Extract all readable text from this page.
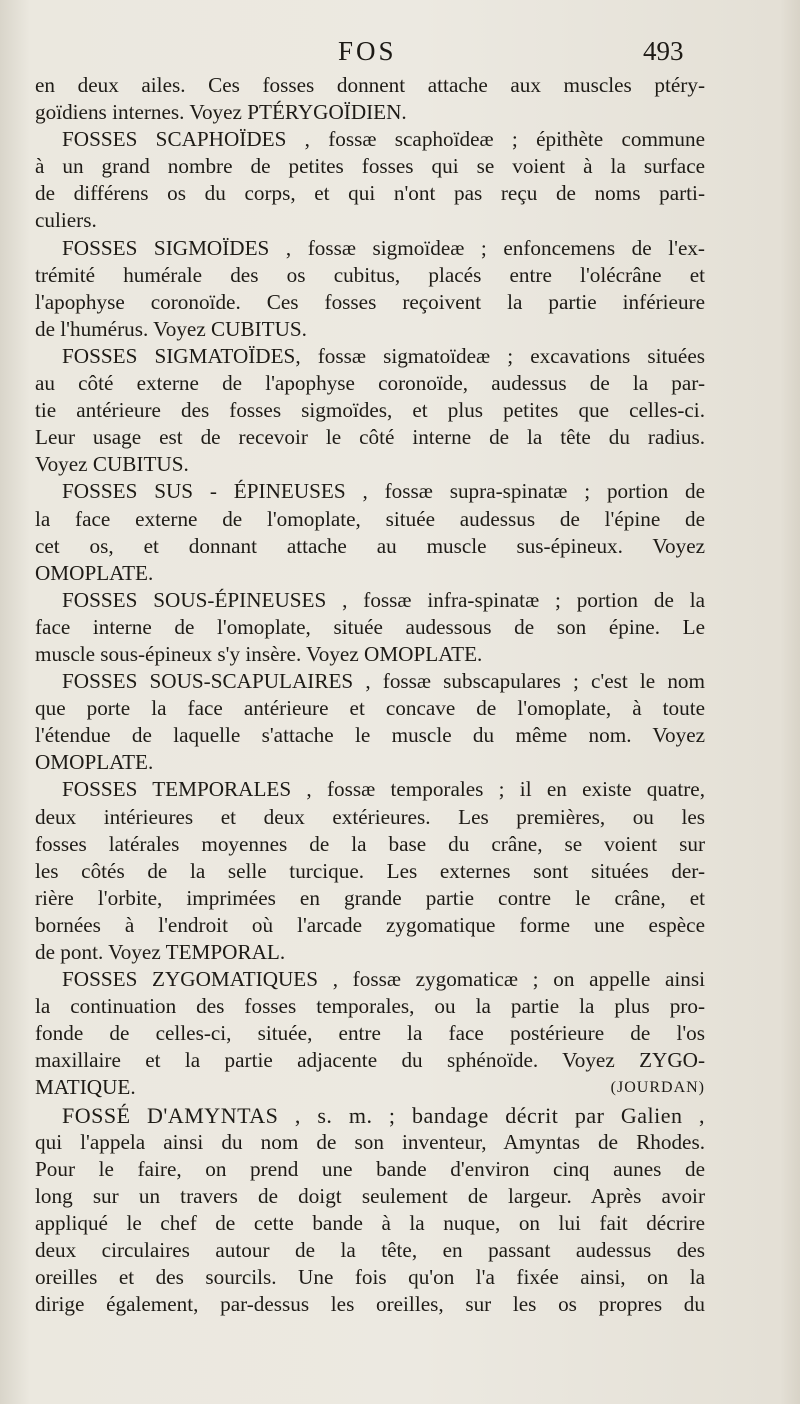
FOS	493
en deux ailes. Ces fosses donnent attache aux muscles ptéry-
goïdiens internes. Voyez PTÉRYGOÏDIEN.
FOSSES SCAPHOÏDES , fossæ scaphoïdeæ ; épithète commune
à un grand nombre de petites fosses qui se voient à la surface
de différens os du corps, et qui n'ont pas reçu de noms parti-
culiers.
FOSSES SIGMOÏDES , fossæ sigmoïdeæ ; enfoncemens de l'ex-
trémité humérale des os cubitus, placés entre l'olécrâne et
l'apophyse coronoïde. Ces fosses reçoivent la partie inférieure
de l'humérus. Voyez CUBITUS.
FOSSES SIGMATOÏDES, fossæ sigmatoïdeæ ; excavations situées
au côté externe de l'apophyse coronoïde, audessus de la par-
tie antérieure des fosses sigmoïdes, et plus petites que celles-ci.
Leur usage est de recevoir le côté interne de la tête du radius.
Voyez CUBITUS.
FOSSES SUS - ÉPINEUSES , fossæ supra-spinatæ ; portion de
la face externe de l'omoplate, située audessus de l'épine de
cet os, et donnant attache au muscle sus-épineux. Voyez
OMOPLATE.
FOSSES SOUS-ÉPINEUSES , fossæ infra-spinatæ ; portion de la
face interne de l'omoplate, située audessous de son épine. Le
muscle sous-épineux s'y insère. Voyez OMOPLATE.
FOSSES SOUS-SCAPULAIRES , fossæ subscapulares ; c'est le nom
que porte la face antérieure et concave de l'omoplate, à toute
l'étendue de laquelle s'attache le muscle du même nom. Voyez
OMOPLATE.
FOSSES TEMPORALES , fossæ temporales ; il en existe quatre,
deux intérieures et deux extérieures. Les premières, ou les
fosses latérales moyennes de la base du crâne, se voient sur
les côtés de la selle turcique. Les externes sont situées der-
rière l'orbite, imprimées en grande partie contre le crâne, et
bornées à l'endroit où l'arcade zygomatique forme une espèce
de pont. Voyez TEMPORAL.
FOSSES ZYGOMATIQUES , fossæ zygomaticæ ; on appelle ainsi
la continuation des fosses temporales, ou la partie la plus pro-
fonde de celles-ci, située, entre la face postérieure de l'os
maxillaire et la partie adjacente du sphénoïde. Voyez ZYGO-
MATIQUE.	(JOURDAN)
FOSSÉ D'AMYNTAS , s. m. ; bandage décrit par Galien ,
qui l'appela ainsi du nom de son inventeur, Amyntas de Rhodes.
Pour le faire, on prend une bande d'environ cinq aunes de
long sur un travers de doigt seulement de largeur. Après avoir
appliqué le chef de cette bande à la nuque, on lui fait décrire
deux circulaires autour de la tête, en passant audessus des
oreilles et des sourcils. Une fois qu'on l'a fixée ainsi, on la
dirige également, par-dessus les oreilles, sur les os propres du
